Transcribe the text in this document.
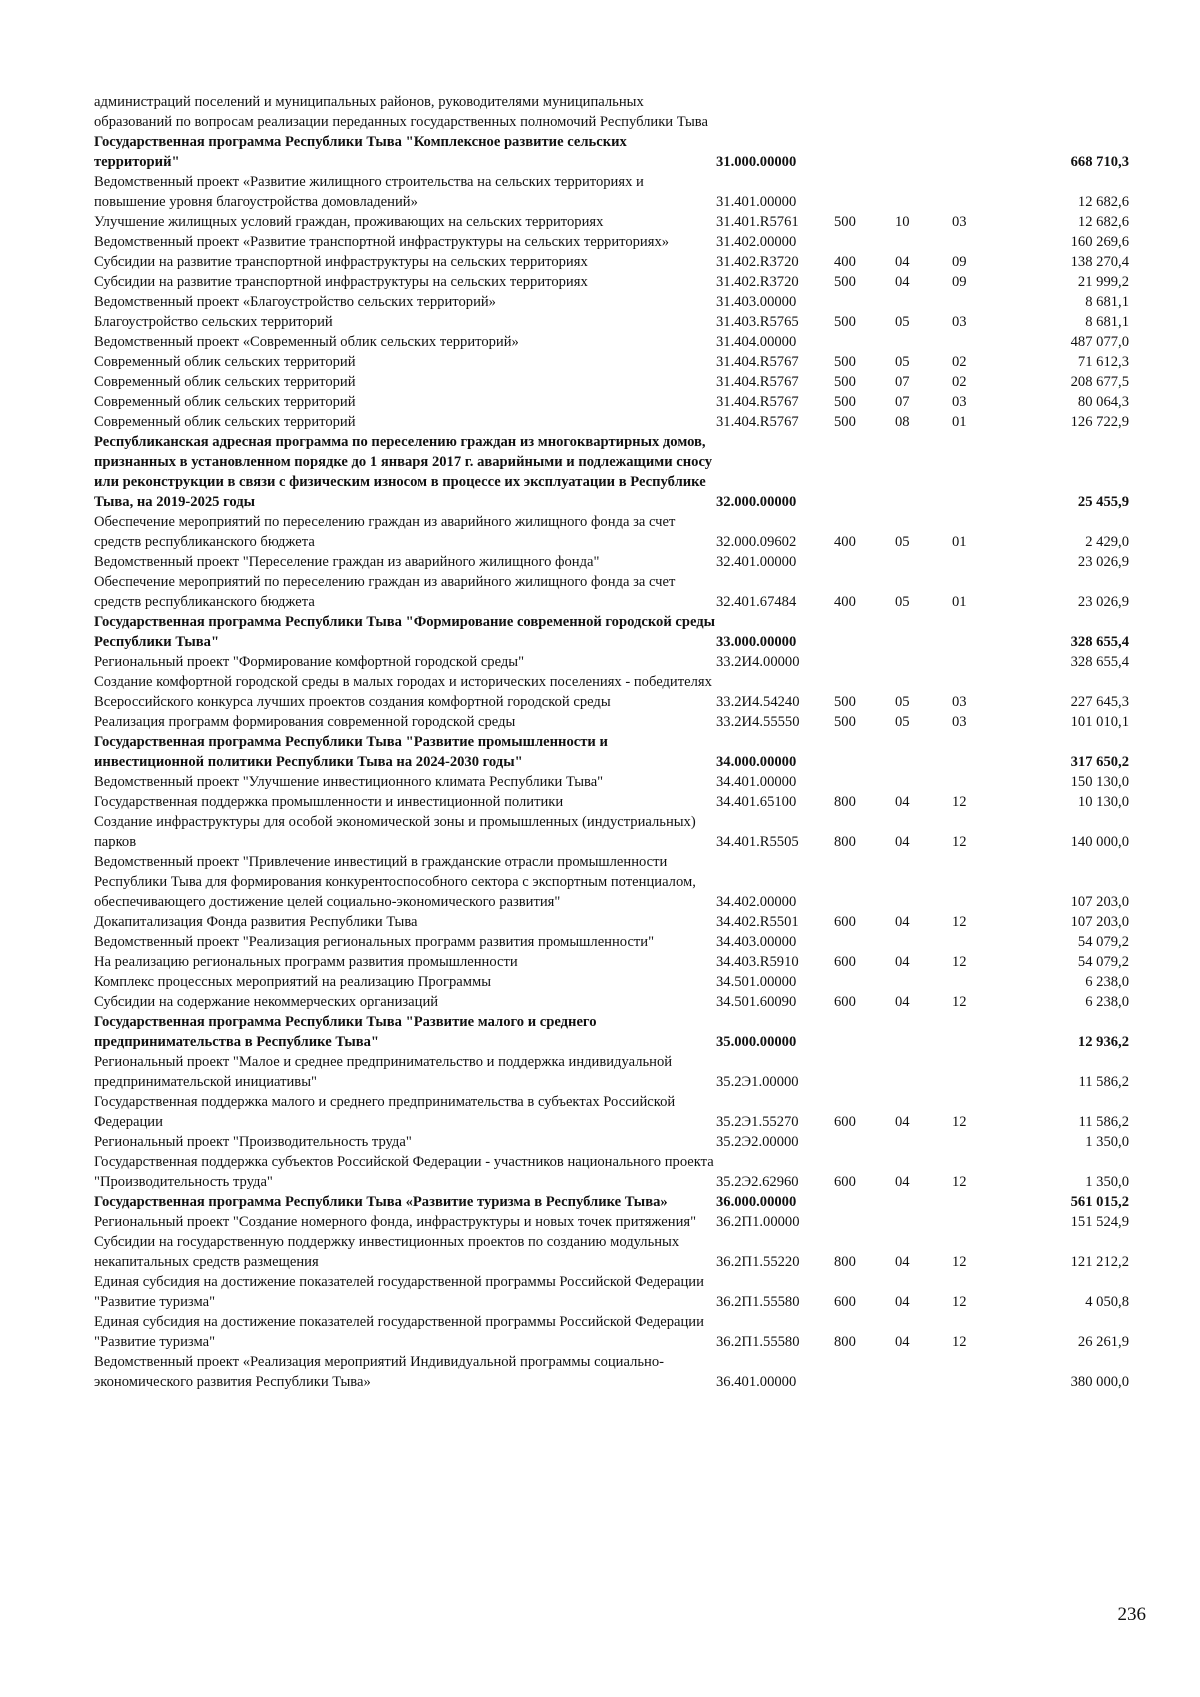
администраций поселений и муниципальных районов, руководителями муниципальных образований по вопросам реализации переданных государственных полномочий Республики Тыва					
Государственная программа Республики Тыва "Комплексное развитие сельских территорий"	31.000.00000				668 710,3
Ведомственный проект «Развитие жилищного строительства на сельских территориях и повышение уровня благоустройства домовладений»	31.401.00000				12 682,6
Улучшение жилищных условий граждан, проживающих на сельских территориях	31.401.R5761	500	10	03	12 682,6
Ведомственный проект «Развитие транспортной инфраструктуры на сельских территориях»	31.402.00000				160 269,6
Субсидии на развитие транспортной инфраструктуры на сельских территориях	31.402.R3720	400	04	09	138 270,4
Субсидии на развитие транспортной инфраструктуры на сельских территориях	31.402.R3720	500	04	09	21 999,2
Ведомственный проект «Благоустройство сельских территорий»	31.403.00000				8 681,1
Благоустройство сельских территорий	31.403.R5765	500	05	03	8 681,1
Ведомственный проект «Современный облик сельских территорий»	31.404.00000				487 077,0
Современный облик сельских территорий	31.404.R5767	500	05	02	71 612,3
Современный облик сельских территорий	31.404.R5767	500	07	02	208 677,5
Современный облик сельских территорий	31.404.R5767	500	07	03	80 064,3
Современный облик сельских территорий	31.404.R5767	500	08	01	126 722,9
Республиканская адресная программа по переселению граждан из многоквартирных домов, признанных в установленном порядке до 1 января 2017 г. аварийными и подлежащими сносу или реконструкции в связи с физическим износом в процессе их эксплуатации в Республике Тыва, на 2019-2025 годы	32.000.00000				25 455,9
Обеспечение мероприятий по переселению граждан из аварийного жилищного фонда за счет средств республиканского бюджета	32.000.09602	400	05	01	2 429,0
Ведомственный проект "Переселение граждан из аварийного жилищного фонда"	32.401.00000				23 026,9
Обеспечение мероприятий по переселению граждан из аварийного жилищного фонда за счет средств республиканского бюджета	32.401.67484	400	05	01	23 026,9
Государственная программа Республики Тыва "Формирование современной городской среды Республики Тыва"	33.000.00000				328 655,4
Региональный проект "Формирование комфортной городской среды"	33.2И4.00000				328 655,4
Создание комфортной городской среды в малых городах и исторических поселениях - победителях Всероссийского конкурса лучших проектов создания комфортной городской среды	33.2И4.54240	500	05	03	227 645,3
Реализация программ формирования современной городской среды	33.2И4.55550	500	05	03	101 010,1
Государственная программа Республики Тыва "Развитие промышленности и инвестиционной политики Республики Тыва на 2024-2030 годы"	34.000.00000				317 650,2
Ведомственный проект "Улучшение инвестиционного климата Республики Тыва"	34.401.00000				150 130,0
Государственная поддержка промышленности и инвестиционной политики	34.401.65100	800	04	12	10 130,0
Создание инфраструктуры для особой экономической зоны и промышленных (индустриальных) парков	34.401.R5505	800	04	12	140 000,0
Ведомственный проект "Привлечение инвестиций в гражданские отрасли промышленности Республики Тыва для формирования конкурентоспособного сектора с экспортным потенциалом, обеспечивающего достижение целей социально-экономического развития"	34.402.00000				107 203,0
Докапитализация Фонда развития Республики Тыва	34.402.R5501	600	04	12	107 203,0
Ведомственный проект "Реализация региональных программ развития промышленности"	34.403.00000				54 079,2
На реализацию региональных программ развития промышленности	34.403.R5910	600	04	12	54 079,2
Комплекс процессных мероприятий на реализацию Программы	34.501.00000				6 238,0
Субсидии на содержание некоммерческих организаций	34.501.60090	600	04	12	6 238,0
Государственная программа Республики Тыва "Развитие малого и среднего предпринимательства в Республике Тыва"	35.000.00000				12 936,2
Региональный проект "Малое и среднее предпринимательство и поддержка индивидуальной предпринимательской инициативы"	35.2Э1.00000				11 586,2
Государственная поддержка малого и среднего предпринимательства в субъектах Российской Федерации	35.2Э1.55270	600	04	12	11 586,2
Региональный проект "Производительность труда"	35.2Э2.00000				1 350,0
Государственная поддержка субъектов Российской Федерации - участников национального проекта "Производительность труда"	35.2Э2.62960	600	04	12	1 350,0
Государственная программа Республики Тыва «Развитие туризма в Республике Тыва»	36.000.00000				561 015,2
Региональный проект "Создание номерного фонда, инфраструктуры и новых точек притяжения"	36.2П1.00000				151 524,9
Субсидии на государственную поддержку инвестиционных проектов по созданию модульных некапитальных средств размещения	36.2П1.55220	800	04	12	121 212,2
Единая субсидия на достижение показателей государственной программы Российской Федерации "Развитие туризма"	36.2П1.55580	600	04	12	4 050,8
Единая субсидия на достижение показателей государственной программы Российской Федерации "Развитие туризма"	36.2П1.55580	800	04	12	26 261,9
Ведомственный проект «Реализация мероприятий Индивидуальной программы социально-экономического развития Республики Тыва»	36.401.00000				380 000,0
236
